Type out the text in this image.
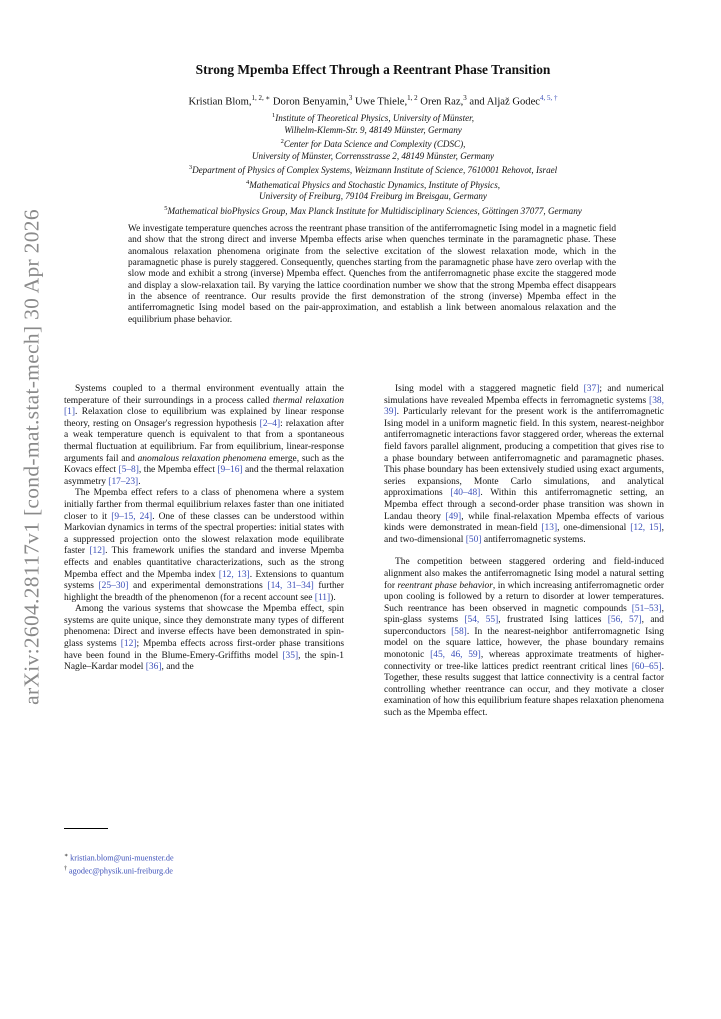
arXiv:2604.28117v1 [cond-mat.stat-mech] 30 Apr 2026
Strong Mpemba Effect Through a Reentrant Phase Transition
Kristian Blom,$^{1, 2, ∗}$ Doron Benyamin,$^3$ Uwe Thiele,$^{1, 2}$ Oren Raz,$^3$ and Aljaž Godec$^{4, 5, \dagger}$
$^1$Institute of Theoretical Physics, University of Münster,
Wilhelm-Klemm-Str. 9, 48149 Münster, Germany
$^2$Center for Data Science and Complexity (CDSC),
University of Münster, Corrensstrasse 2, 48149 Münster, Germany
$^3$Department of Physics of Complex Systems, Weizmann Institute of Science, 7610001 Rehovot, Israel
$^4$Mathematical Physics and Stochastic Dynamics, Institute of Physics,
University of Freiburg, 79104 Freiburg im Breisgau, Germany
$^5$Mathematical bioPhysics Group, Max Planck Institute for Multidisciplinary Sciences, Göttingen 37077, Germany
We investigate temperature quenches across the reentrant phase transition of the antiferromagnetic Ising model in a magnetic field and show that the strong direct and inverse Mpemba effects arise when quenches terminate in the paramagnetic phase. These anomalous relaxation phenomena originate from the selective excitation of the slowest relaxation mode, which in the paramagnetic phase is purely staggered. Consequently, quenches starting from the paramagnetic phase have zero overlap with the slow mode and exhibit a strong (inverse) Mpemba effect. Quenches from the antiferromagnetic phase excite the staggered mode and display a slow-relaxation tail. By varying the lattice coordination number we show that the strong Mpemba effect disappears in the absence of reentrance. Our results provide the first demonstration of the strong (inverse) Mpemba effect in the antiferromagnetic Ising model based on the pair-approximation, and establish a link between anomalous relaxation and the equilibrium phase behavior.

Systems coupled to a thermal environment eventually attain the temperature of their surroundings in a process called thermal relaxation [1]. Relaxation close to equilibrium was explained by linear response theory, resting on Onsager's regression hypothesis [2–4]: relaxation after a weak temperature quench is equivalent to that from a spontaneous thermal fluctuation at equilibrium. Far from equilibrium, linear-response arguments fail and anomalous relaxation phenomena emerge, such as the Kovacs effect [5–8], the Mpemba effect [9–16] and the thermal relaxation asymmetry [17–23].

The Mpemba effect refers to a class of phenomena where a system initially farther from thermal equilibrium relaxes faster than one initiated closer to it [9–15, 24]. One of these classes can be understood within Markovian dynamics in terms of the spectral properties: initial states with a suppressed projection onto the slowest relaxation mode equilibrate faster [12]. This framework unifies the standard and inverse Mpemba effects and enables quantitative characterizations, such as the strong Mpemba effect and the Mpemba index [12, 13]. Extensions to quantum systems [25–30] and experimental demonstrations [14, 31–34] further highlight the breadth of the phenomenon (for a recent account see [11]).

Among the various systems that showcase the Mpemba effect, spin systems are quite unique, since they demonstrate many types of different phenomena: Direct and inverse effects have been demonstrated in spin-glass systems [12]; Mpemba effects across first-order phase transitions have been found in the Blume-Emery-Griffiths model [35], the spin-1 Nagle–Kardar model [36], and the

Ising model with a staggered magnetic field [37]; and numerical simulations have revealed Mpemba effects in ferromagnetic systems [38, 39]. Particularly relevant for the present work is the antiferromagnetic Ising model in a uniform magnetic field. In this system, nearest-neighbor antiferromagnetic interactions favor staggered order, whereas the external field favors parallel alignment, producing a competition that gives rise to a phase boundary between antiferromagnetic and paramagnetic phases. This phase boundary has been extensively studied using exact arguments, series expansions, Monte Carlo simulations, and analytical approximations [40–48]. Within this antiferromagnetic setting, an Mpemba effect through a second-order phase transition was shown in Landau theory [49], while final-relaxation Mpemba effects of various kinds were demonstrated in mean-field [13], one-dimensional [12, 15], and two-dimensional [50] antiferromagnetic systems.

The competition between staggered ordering and field-induced alignment also makes the antiferromagnetic Ising model a natural setting for reentrant phase behavior, in which increasing antiferromagnetic order upon cooling is followed by a return to disorder at lower temperatures. Such reentrance has been observed in magnetic compounds [51–53], spin-glass systems [54, 55], frustrated Ising lattices [56, 57], and superconductors [58]. In the nearest-neighbor antiferromagnetic Ising model on the square lattice, however, the phase boundary remains monotonic [45, 46, 59], whereas approximate treatments of higher-connectivity or tree-like lattices predict reentrant critical lines [60–65]. Together, these results suggest that lattice connectivity is a central factor controlling whether reentrance can occur, and they motivate a closer examination of how this equilibrium feature shapes relaxation phenomena such as the Mpemba effect.

∗ kristian.blom@uni-muenster.de
† agodec@physik.uni-freiburg.de
